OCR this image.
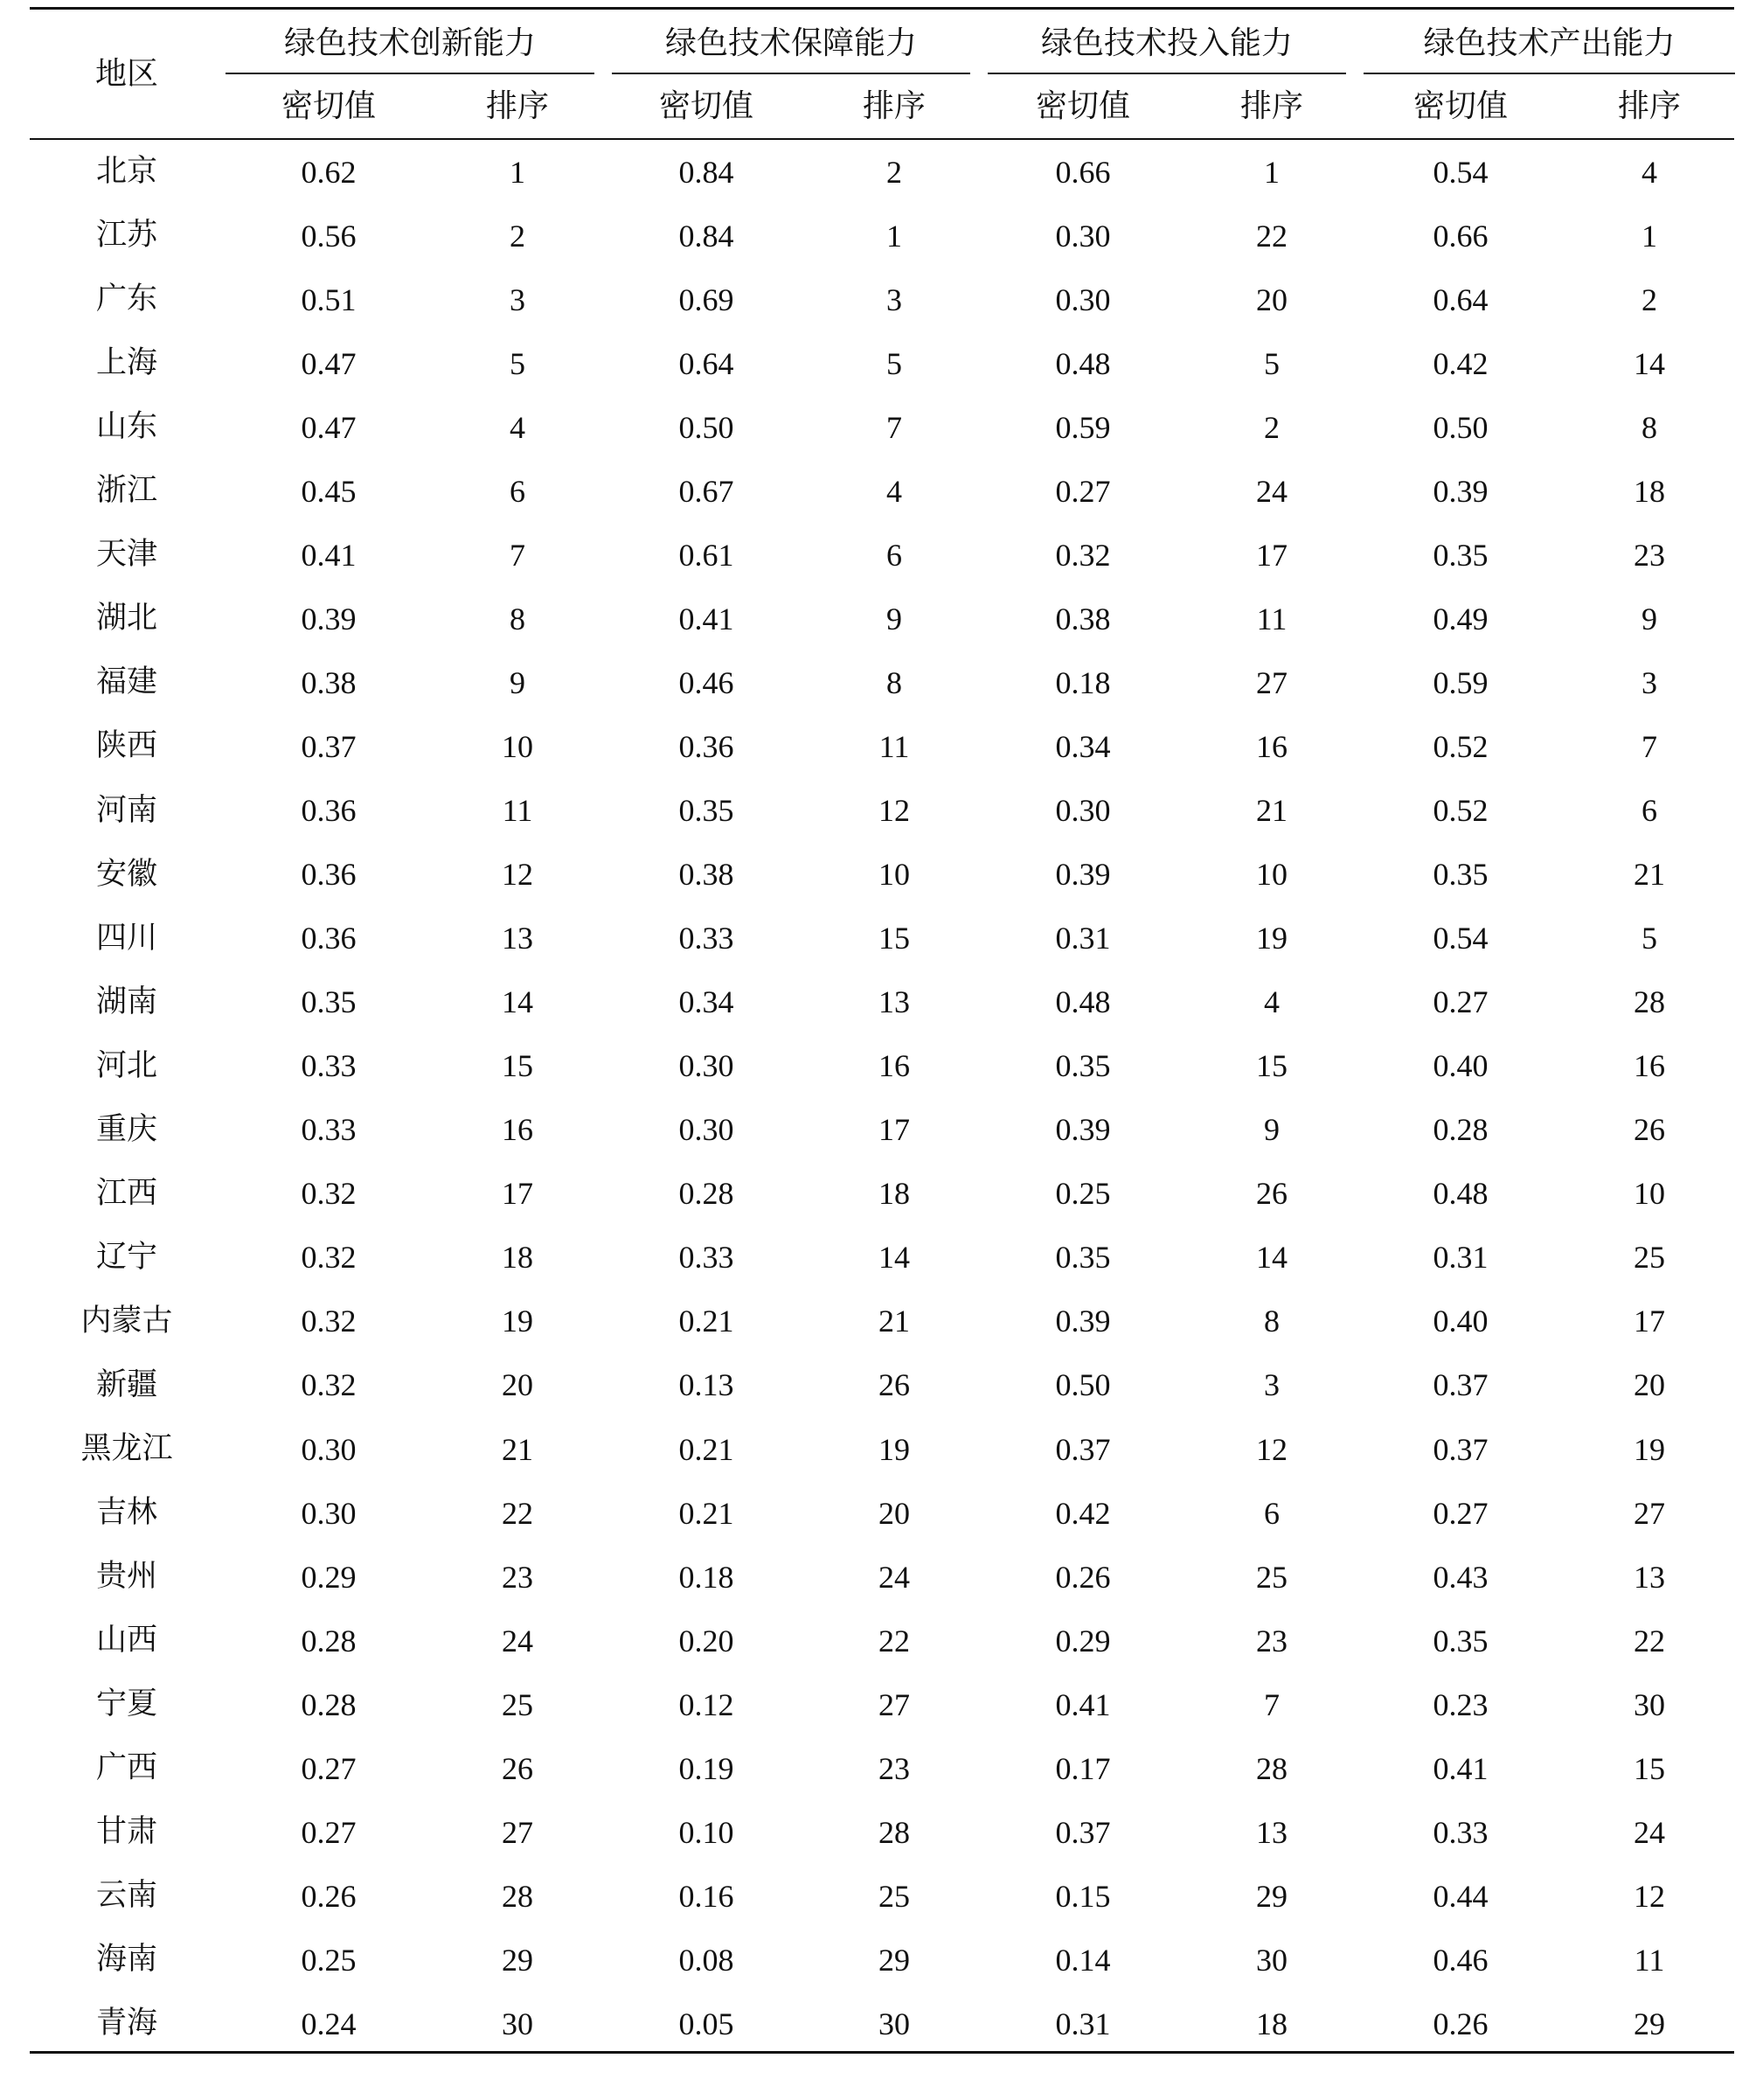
地区
绿色技术创新能力
密切值	排序
绿色技术保障能力
密切值	排序
绿色技术投入能力
密切值	排序
绿色技术产出能力
密切值	排序
北京	0.62	1	0.84	2	0.66	1	0.54	4
江苏	0.56	2	0.84	1	0.30	22	0.66	1
广东	0.51	3	0.69	3	0.30	20	0.64	2
上海	0.47	5	0.64	5	0.48	5	0.42	14
山东	0.47	4	0.50	7	0.59	2	0.50	8
浙江	0.45	6	0.67	4	0.27	24	0.39	18
天津	0.41	7	0.61	6	0.32	17	0.35	23
湖北	0.39	8	0.41	9	0.38	11	0.49	9
福建	0.38	9	0.46	8	0.18	27	0.59	3
陕西	0.37	10	0.36	11	0.34	16	0.52	7
河南	0.36	11	0.35	12	0.30	21	0.52	6
安徽	0.36	12	0.38	10	0.39	10	0.35	21
四川	0.36	13	0.33	15	0.31	19	0.54	5
湖南	0.35	14	0.34	13	0.48	4	0.27	28
河北	0.33	15	0.30	16	0.35	15	0.40	16
重庆	0.33	16	0.30	17	0.39	9	0.28	26
江西	0.32	17	0.28	18	0.25	26	0.48	10
辽宁	0.32	18	0.33	14	0.35	14	0.31	25
内蒙古	0.32	19	0.21	21	0.39	8	0.40	17
新疆	0.32	20	0.13	26	0.50	3	0.37	20
黑龙江	0.30	21	0.21	19	0.37	12	0.37	19
吉林	0.30	22	0.21	20	0.42	6	0.27	27
贵州	0.29	23	0.18	24	0.26	25	0.43	13
山西	0.28	24	0.20	22	0.29	23	0.35	22
宁夏	0.28	25	0.12	27	0.41	7	0.23	30
广西	0.27	26	0.19	23	0.17	28	0.41	15
甘肃	0.27	27	0.10	28	0.37	13	0.33	24
云南	0.26	28	0.16	25	0.15	29	0.44	12
海南	0.25	29	0.08	29	0.14	30	0.46	11
青海	0.24	30	0.05	30	0.31	18	0.26	29
